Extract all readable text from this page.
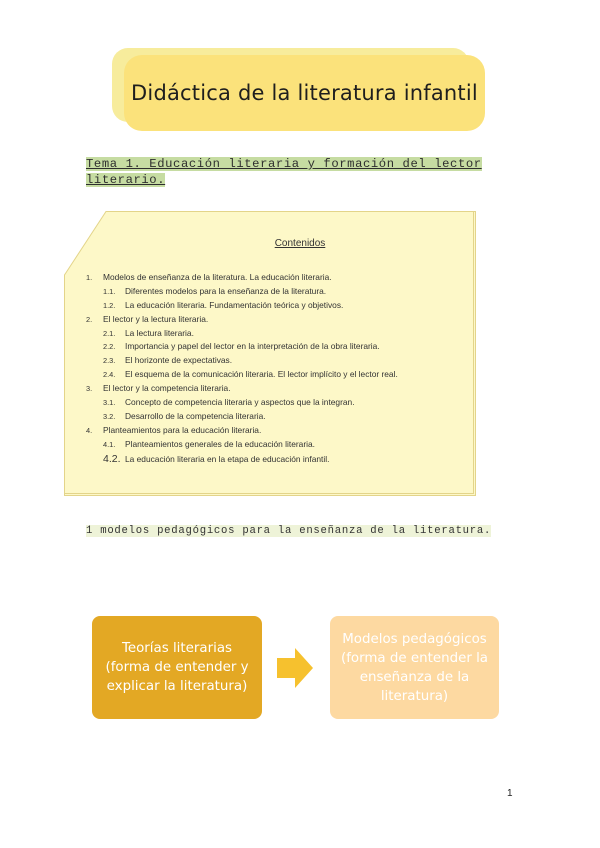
Didáctica de la literatura infantil
Tema 1. Educación literaria y formación del lector
literario.
Contenidos
1.	Modelos de enseñanza de la literatura. La educación literaria.
1.1.	Diferentes modelos para la enseñanza de la literatura.
1.2.	La educación literaria. Fundamentación teórica y objetivos.
2.	El lector y la lectura literaria.
2.1.	La lectura literaria.
2.2.	Importancia y papel del lector en la interpretación de la obra literaria.
2.3.	El horizonte de expectativas.
2.4.	El esquema de la comunicación literaria. El lector implícito y el lector real.
3.	El lector y la competencia literaria.
3.1.	Concepto de competencia literaria y aspectos que la integran.
3.2.	Desarrollo de la competencia literaria.
4.	Planteamientos para la educación literaria.
4.1.	Planteamientos generales de la educación literaria.
4.2. La educación literaria en la etapa de educación infantil.
1 modelos pedagógicos para la enseñanza de la literatura.
Teorías literarias
(forma de entender y
explicar la literatura)
Modelos pedagógicos
(forma de entender la
enseñanza de la
literatura)
1
